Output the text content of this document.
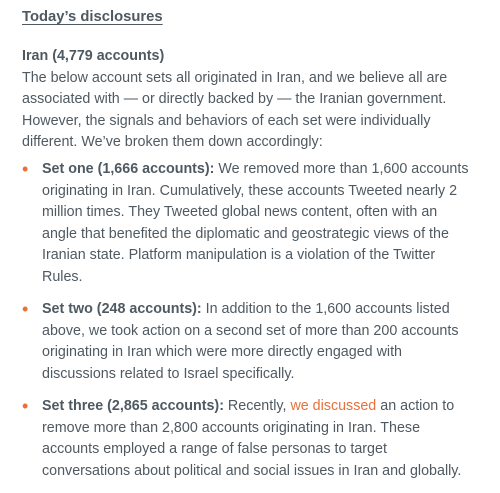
Today’s disclosures

Iran (4,779 accounts)

The below account sets all originated in Iran, and we believe all are associated with — or directly backed by — the Iranian government. However, the signals and behaviors of each set were individually different. We’ve broken them down accordingly:

• Set one (1,666 accounts): We removed more than 1,600 accounts originating in Iran. Cumulatively, these accounts Tweeted nearly 2 million times. They Tweeted global news content, often with an angle that benefited the diplomatic and geostrategic views of the Iranian state. Platform manipulation is a violation of the Twitter Rules.
• Set two (248 accounts): In addition to the 1,600 accounts listed above, we took action on a second set of more than 200 accounts originating in Iran which were more directly engaged with discussions related to Israel specifically.
• Set three (2,865 accounts): Recently, we discussed an action to remove more than 2,800 accounts originating in Iran. These accounts employed a range of false personas to target conversations about political and social issues in Iran and globally.
